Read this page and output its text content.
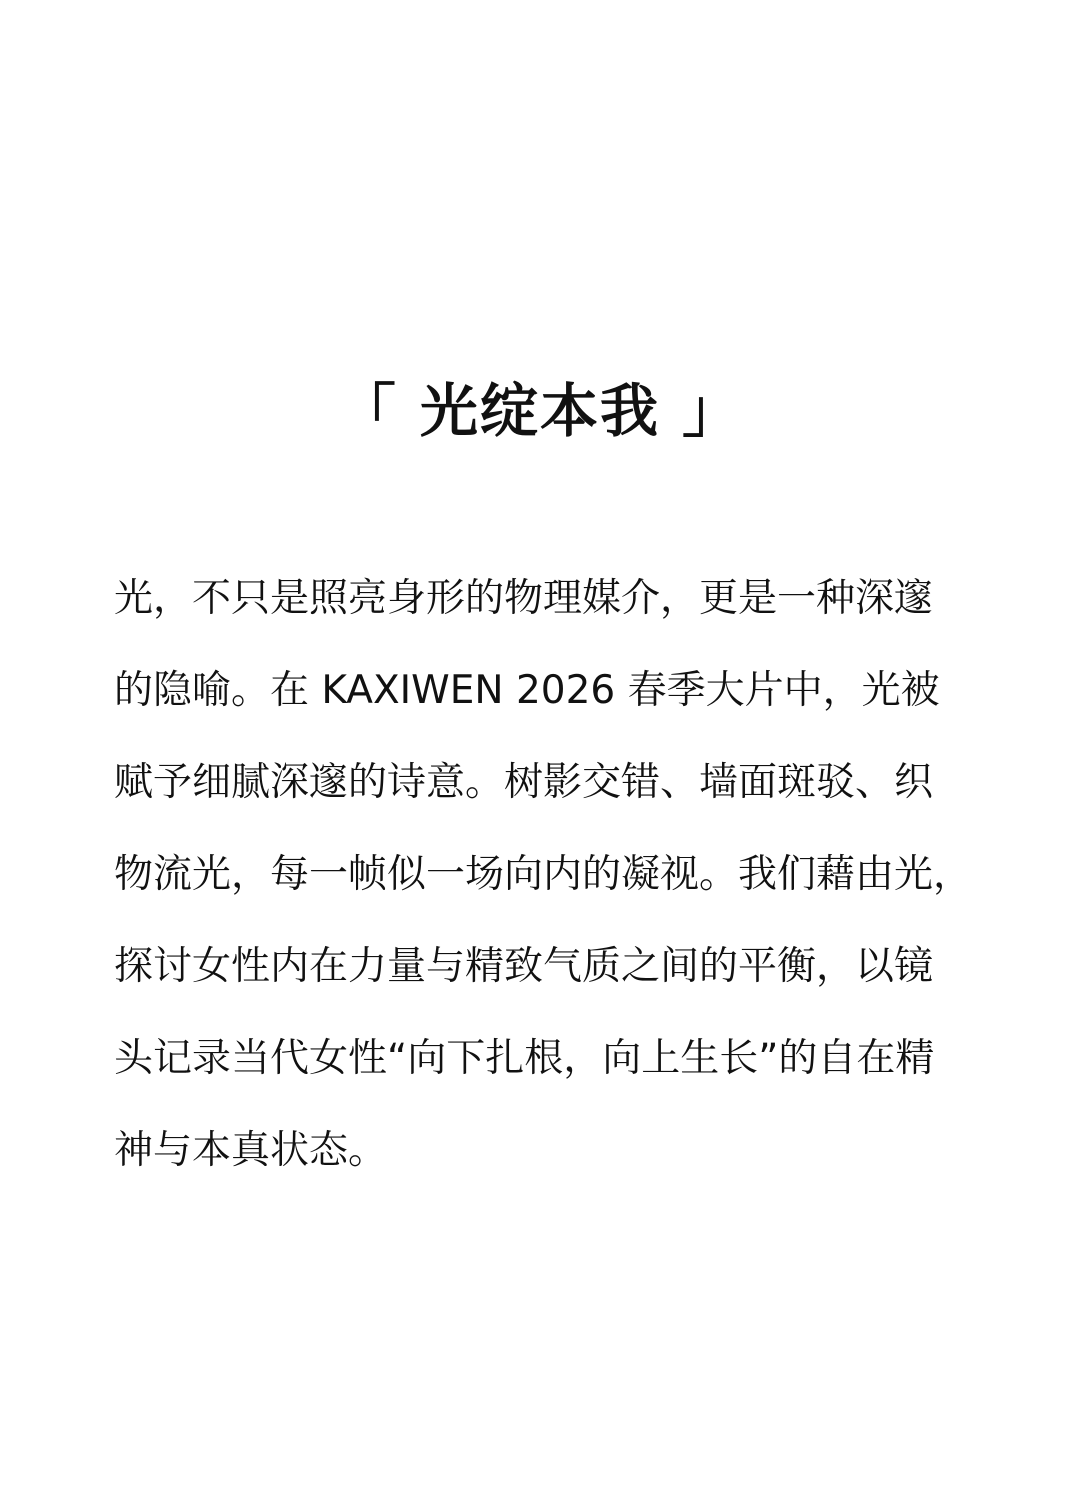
「 光绽本我 」
光，不只是照亮身形的物理媒介，更是一种深邃
的隐喻。在 KAXIWEN 2026 春季大片中，光被
赋予细腻深邃的诗意。树影交错、墙面斑驳、织
物流光，每一帧似一场向内的凝视。我们藉由光，
探讨女性内在力量与精致气质之间的平衡，以镜
头记录当代女性“向下扎根，向上生长”的自在精
神与本真状态。
